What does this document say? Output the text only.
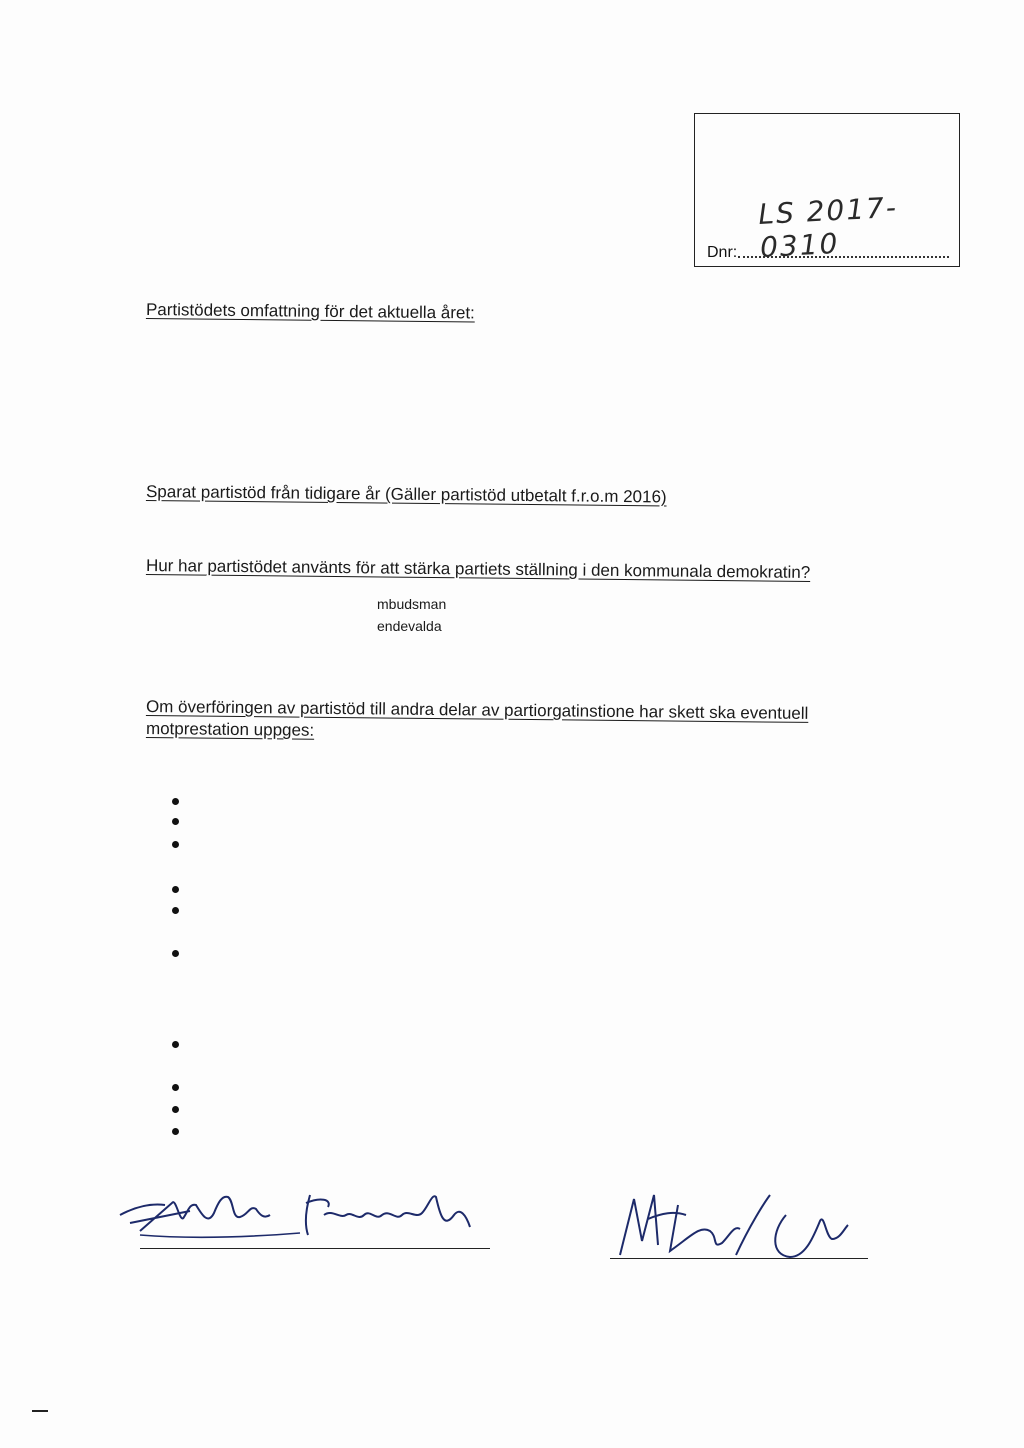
Dnr:
LS 2017-0310
Partistödets omfattning för det aktuella året:
Sparat partistöd från tidigare år (Gäller partistöd utbetalt f.r.o.m 2016)
Hur har partistödet använts för att stärka partiets ställning i den kommunala demokratin?
mbudsman
endevalda
Om överföringen av partistöd till andra delar av partiorgatinstione har skett ska eventuell
motprestation uppges:
